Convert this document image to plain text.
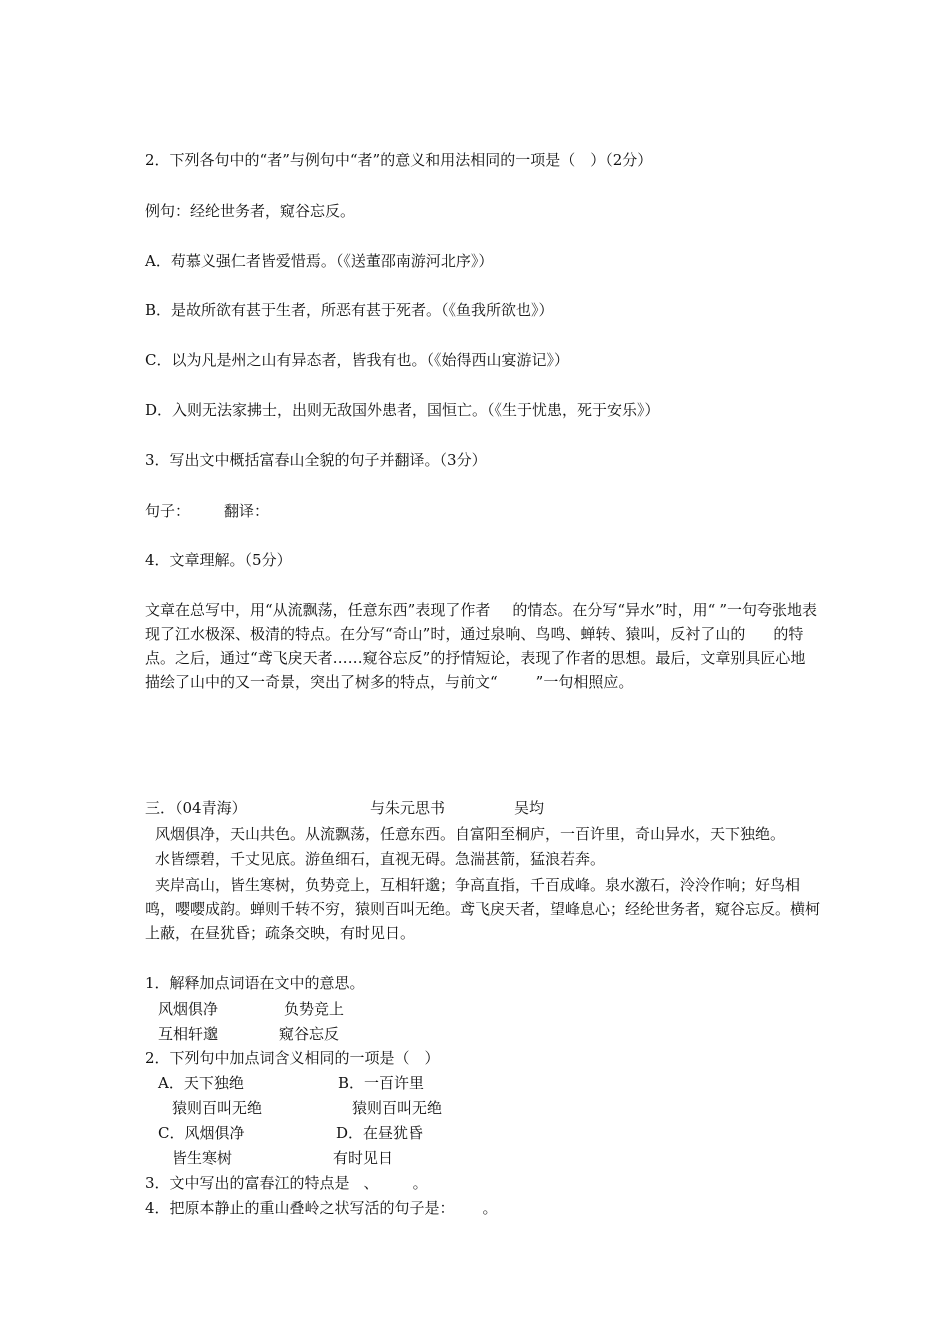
2．下列各句中的“者”与例句中“者”的意义和用法相同的一项是（　）（2分）
例句：经纶世务者，窥谷忘反。
A．苟慕义强仁者皆爱惜焉。（《送董邵南游河北序》）
B．是故所欲有甚于生者，所恶有甚于死者。（《鱼我所欲也》）
C．以为凡是州之山有异态者，皆我有也。（《始得西山宴游记》）
D．入则无法家拂士，出则无敌国外患者，国恒亡。（《生于忧患，死于安乐》）
3．写出文中概括富春山全貌的句子并翻译。（3分）
句子： 翻译：
4．文章理解。（5分）
文章在总写中，用“从流飘荡，任意东西”表现了作者 的情态。在分写“异水”时，用“ ”一句夸张地表现了江水极深、极清的特点。在分写“奇山”时，通过泉响、鸟鸣、蝉转、猿叫，反衬了山的 的特点。之后，通过“鸢飞戾天者……窥谷忘反”的抒情短论，表现了作者的思想。最后，文章别具匠心地描绘了山中的又一奇景，突出了树多的特点，与前文“	”一句相照应。
三．（04青海）	与朱元思书	吴均
风烟俱净，天山共色。从流飘荡，任意东西。自富阳至桐庐，一百许里，奇山异水，天下独绝。
水皆缥碧，千丈见底。游鱼细石，直视无碍。急湍甚箭，猛浪若奔。
夹岸高山，皆生寒树，负势竞上，互相轩邈；争高直指，千百成峰。泉水激石，泠泠作响；好鸟相鸣，嘤嘤成韵。蝉则千转不穷，猿则百叫无绝。鸢飞戾天者，望峰息心；经纶世务者，窥谷忘反。横柯上蔽，在昼犹昏；疏条交映，有时见日。
1．解释加点词语在文中的意思。
风烟俱净	负势竞上
互相轩邈	窥谷忘反
2．下列句中加点词含义相同的一项是（　）
A．天下独绝	B．一百许里
猿则百叫无绝	猿则百叫无绝
C．风烟俱净	D．在昼犹昏
皆生寒树	有时见日
3．文中写出的富春江的特点是 、 。
4．把原本静止的重山叠岭之状写活的句子是： 。
